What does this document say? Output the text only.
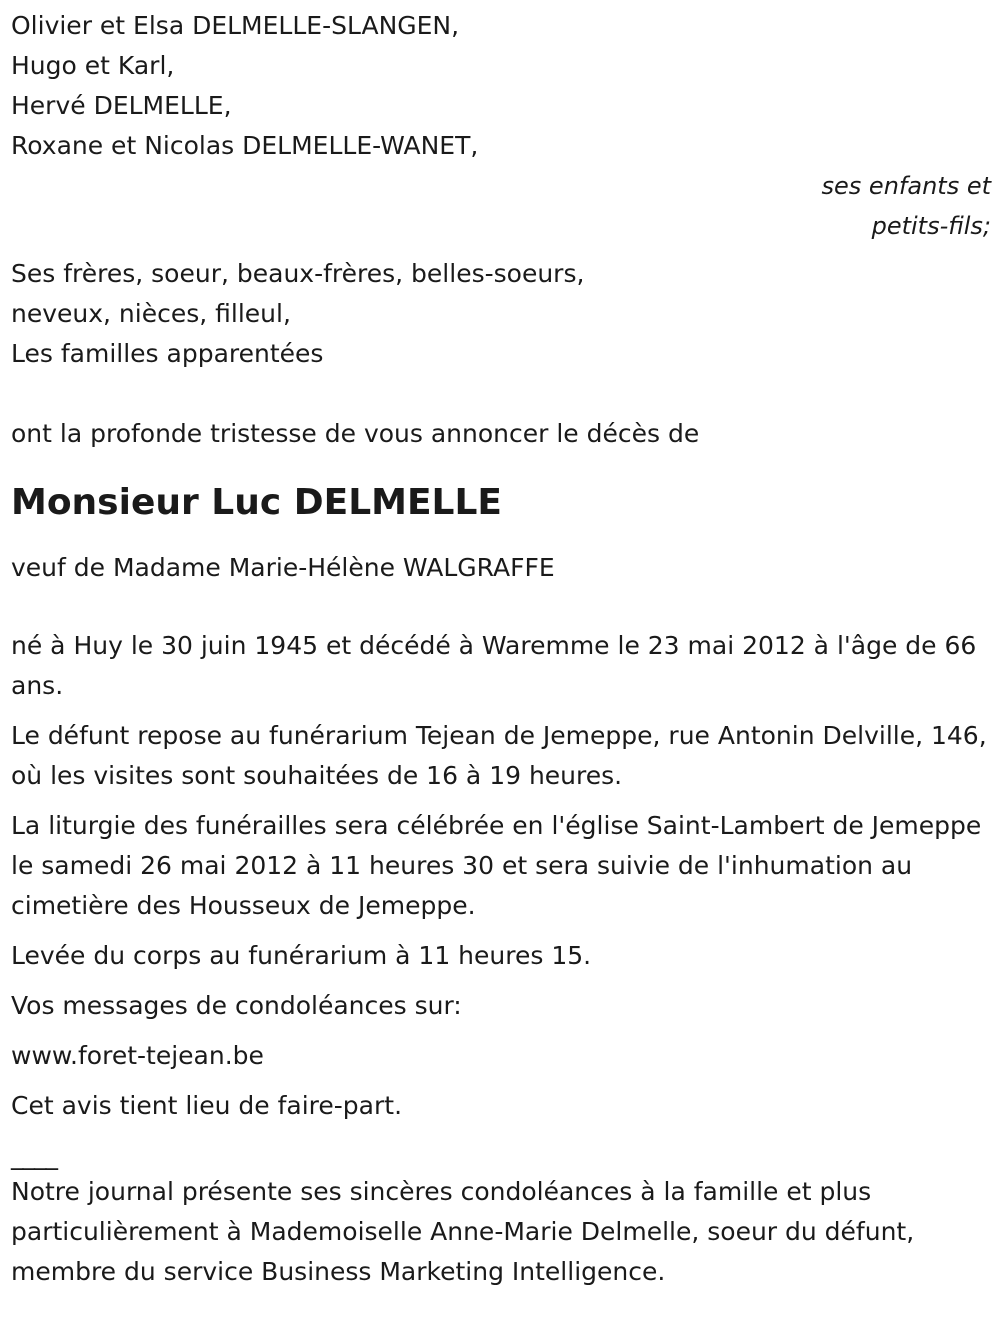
Olivier et Elsa DELMELLE-SLANGEN,
Hugo et Karl,
Hervé DELMELLE,
Roxane et Nicolas DELMELLE-WANET,
ses enfants et
petits-fils;
Ses frères, soeur, beaux-frères, belles-soeurs,
neveux, nièces, filleul,
Les familles apparentées
ont la profonde tristesse de vous annoncer le décès de
Monsieur Luc DELMELLE
veuf de Madame Marie-Hélène WALGRAFFE
né à Huy le 30 juin 1945 et décédé à Waremme le 23 mai 2012 à l'âge de 66 ans.
Le défunt repose au funérarium Tejean de Jemeppe, rue Antonin Delville, 146, où les visites sont souhaitées de 16 à 19 heures.
La liturgie des funérailles sera célébrée en l'église Saint-Lambert de Jemeppe le samedi 26 mai 2012 à 11 heures 30 et sera suivie de l'inhumation au cimetière des Housseux de Jemeppe.
Levée du corps au funérarium à 11 heures 15.
Vos messages de condoléances sur:
www.foret-tejean.be
Cet avis tient lieu de faire-part.
____
Notre journal présente ses sincères condoléances à la famille et plus particulièrement à Mademoiselle Anne-Marie Delmelle, soeur du défunt, membre du service Business Marketing Intelligence.
